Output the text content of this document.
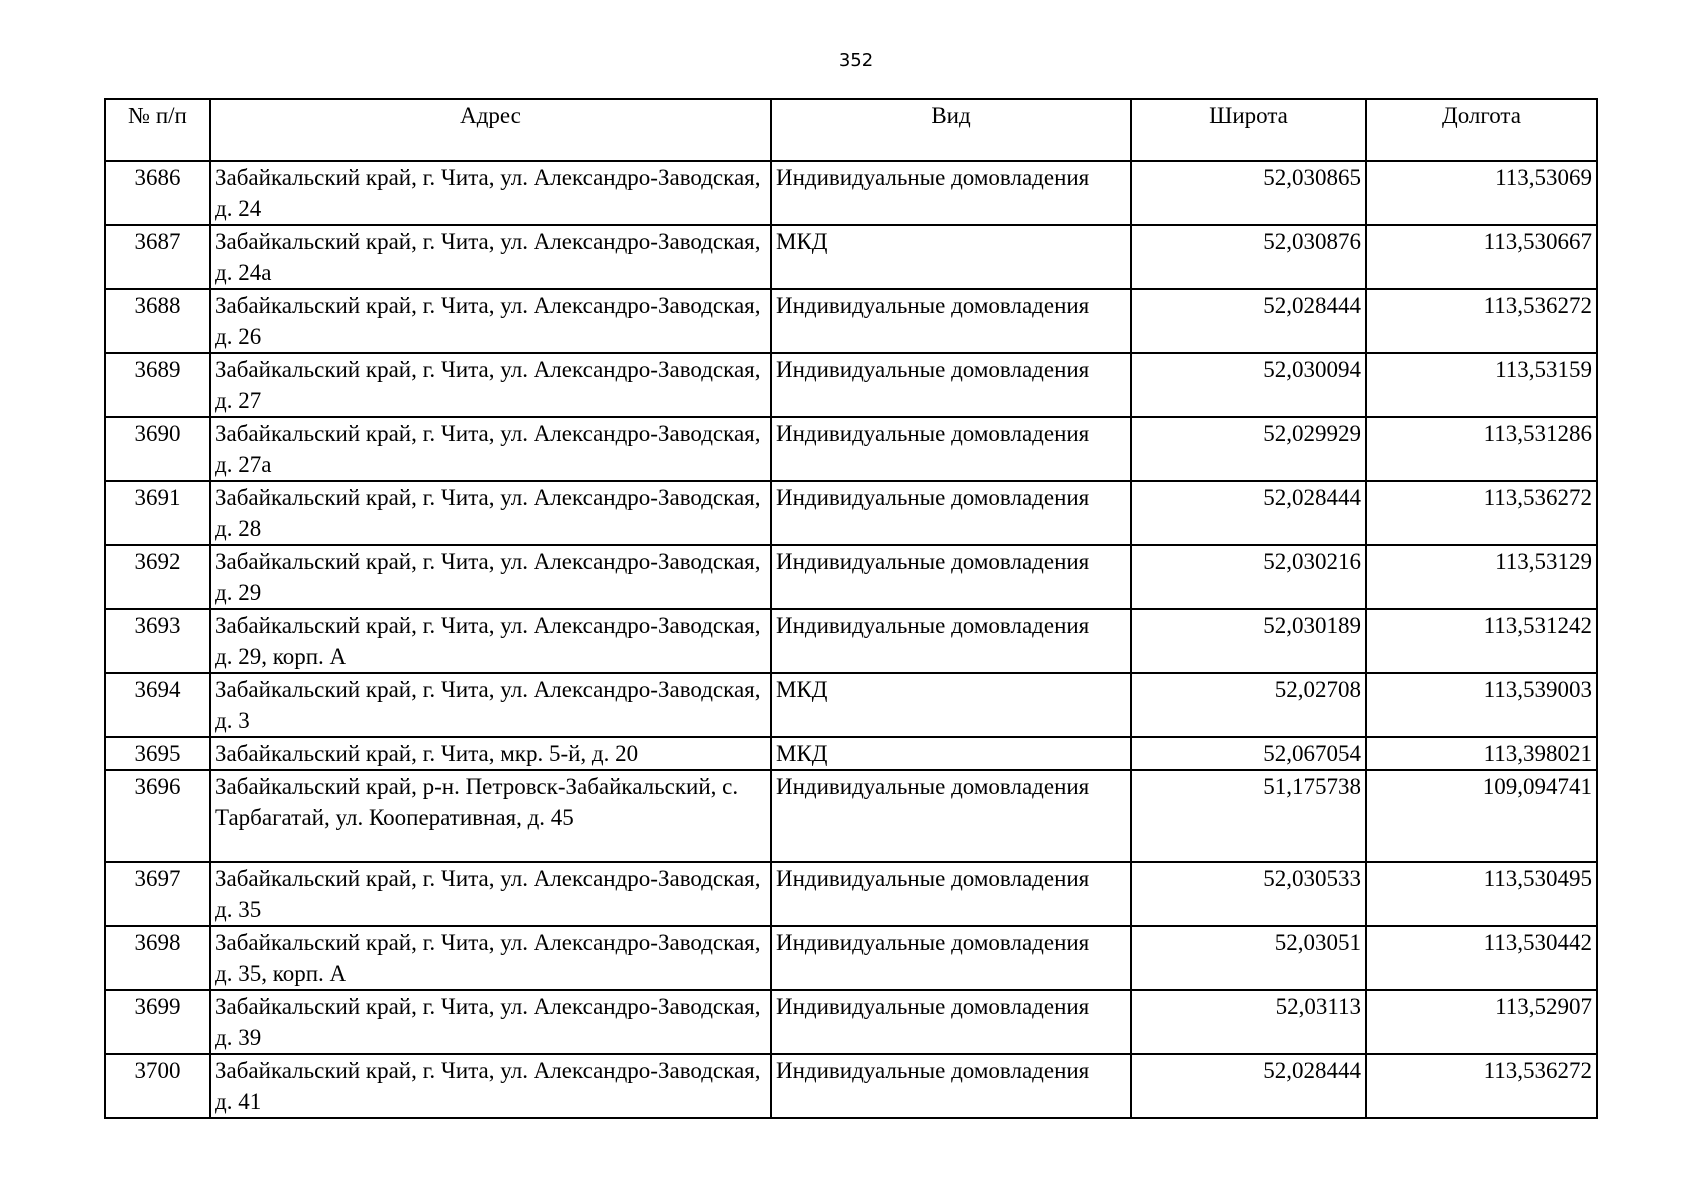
352
№ п/п	Адрес	Вид	Широта	Долгота
3686	Забайкальский край, г. Чита, ул. Александро-Заводская, д. 24	Индивидуальные домовладения	52,030865	113,53069
3687	Забайкальский край, г. Чита, ул. Александро-Заводская, д. 24а	МКД	52,030876	113,530667
3688	Забайкальский край, г. Чита, ул. Александро-Заводская, д. 26	Индивидуальные домовладения	52,028444	113,536272
3689	Забайкальский край, г. Чита, ул. Александро-Заводская, д. 27	Индивидуальные домовладения	52,030094	113,53159
3690	Забайкальский край, г. Чита, ул. Александро-Заводская, д. 27а	Индивидуальные домовладения	52,029929	113,531286
3691	Забайкальский край, г. Чита, ул. Александро-Заводская, д. 28	Индивидуальные домовладения	52,028444	113,536272
3692	Забайкальский край, г. Чита, ул. Александро-Заводская, д. 29	Индивидуальные домовладения	52,030216	113,53129
3693	Забайкальский край, г. Чита, ул. Александро-Заводская, д. 29, корп. А	Индивидуальные домовладения	52,030189	113,531242
3694	Забайкальский край, г. Чита, ул. Александро-Заводская, д. 3	МКД	52,02708	113,539003
3695	Забайкальский край, г. Чита, мкр. 5-й, д. 20	МКД	52,067054	113,398021
3696	Забайкальский край, р-н. Петровск-Забайкальский, с. Тарбагатай, ул. Кооперативная, д. 45	Индивидуальные домовладения	51,175738	109,094741
3697	Забайкальский край, г. Чита, ул. Александро-Заводская, д. 35	Индивидуальные домовладения	52,030533	113,530495
3698	Забайкальский край, г. Чита, ул. Александро-Заводская, д. 35, корп. А	Индивидуальные домовладения	52,03051	113,530442
3699	Забайкальский край, г. Чита, ул. Александро-Заводская, д. 39	Индивидуальные домовладения	52,03113	113,52907
3700	Забайкальский край, г. Чита, ул. Александро-Заводская, д. 41	Индивидуальные домовладения	52,028444	113,536272
